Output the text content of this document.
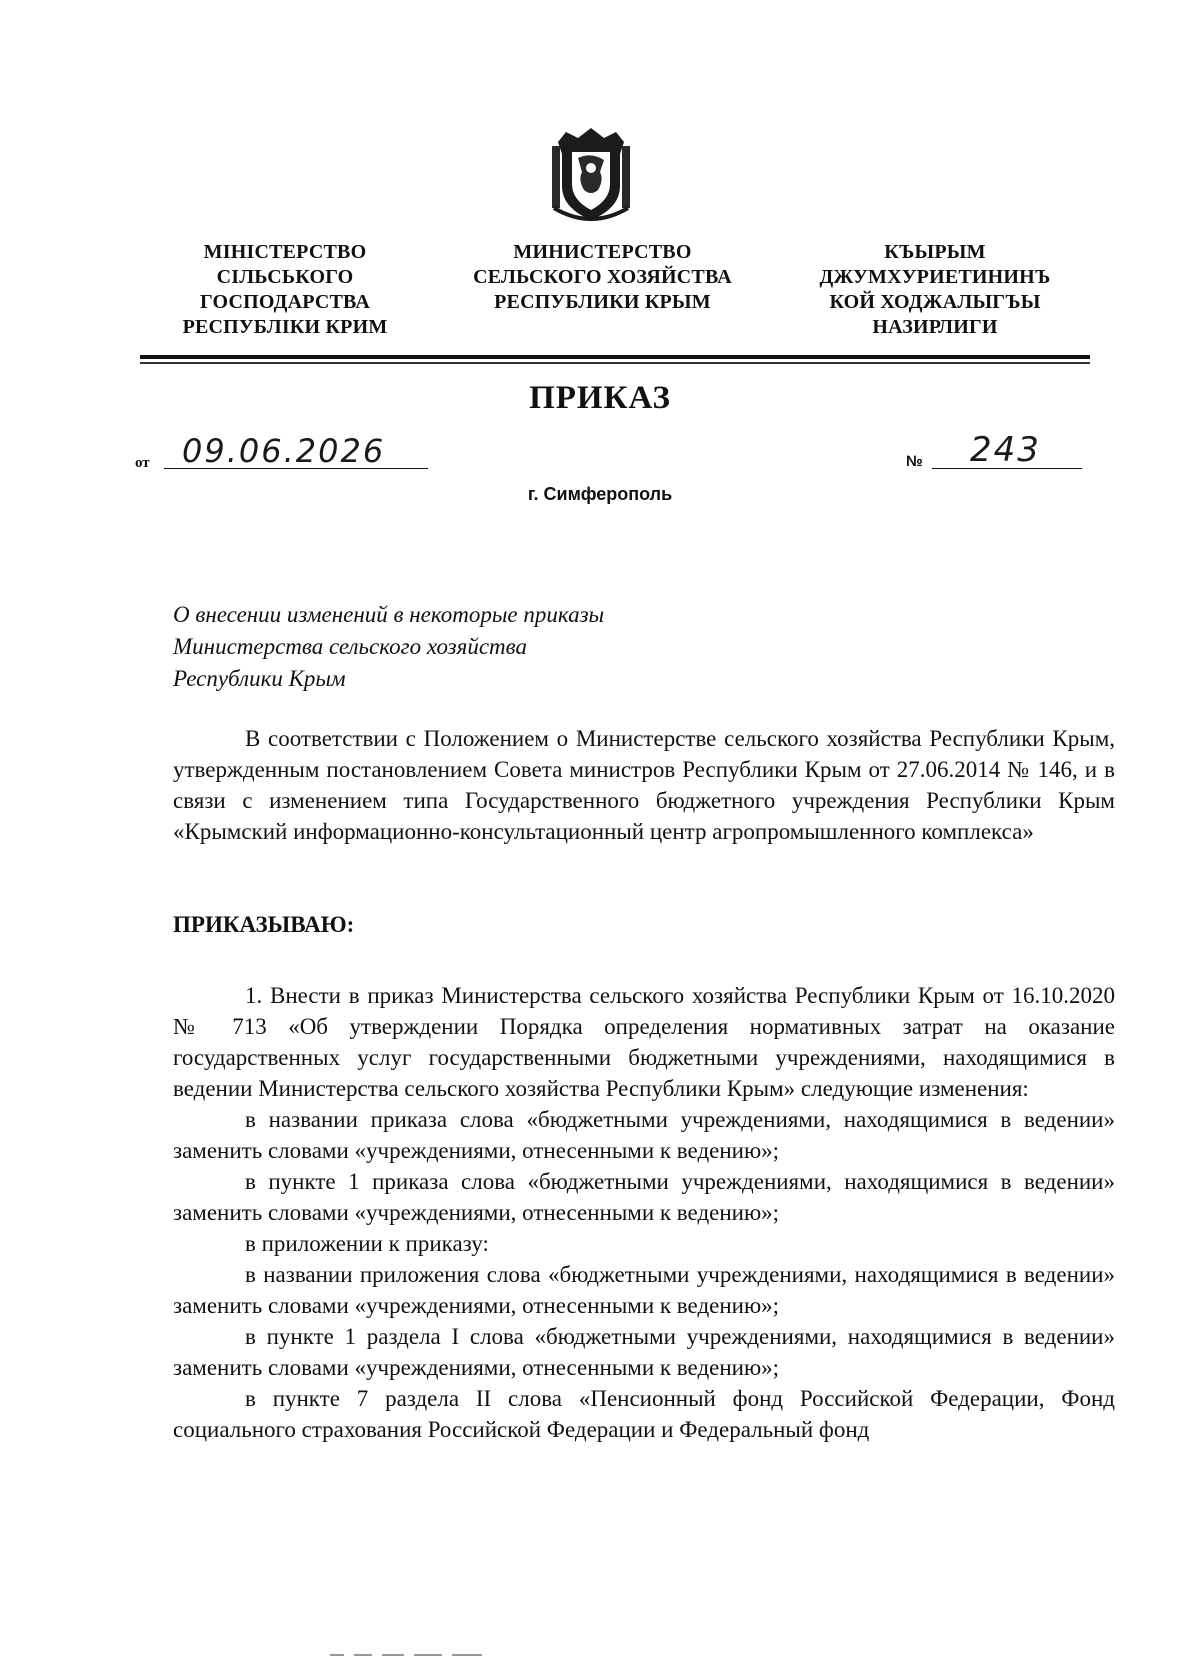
МІНІСТЕРСТВО
СІЛЬСЬКОГО
ГОСПОДАРСТВА
РЕСПУБЛІКИ КРИМ
МИНИСТЕРСТВО
СЕЛЬСКОГО ХОЗЯЙСТВА
РЕСПУБЛИКИ КРЫМ
КЪЫРЫМ
ДЖУМХУРИЕТИНИНЪ
КОЙ ХОДЖАЛЫГЪЫ
НАЗИРЛИГИ
ПРИКАЗ
от 09.06.2026	№ 243
г. Симферополь
О внесении изменений в некоторые приказы
Министерства сельского хозяйства
Республики Крым

В соответствии с Положением о Министерстве сельского хозяйства Республики Крым, утвержденным постановлением Совета министров Республики Крым от 27.06.2014 № 146, и в связи с изменением типа Государственного бюджетного учреждения Республики Крым «Крымский информационно-консультационный центр агропромышленного комплекса»

ПРИКАЗЫВАЮ:

1. Внести в приказ Министерства сельского хозяйства Республики Крым от 16.10.2020 № 713 «Об утверждении Порядка определения нормативных затрат на оказание государственных услуг государственными бюджетными учреждениями, находящимися в ведении Министерства сельского хозяйства Республики Крым» следующие изменения:

в названии приказа слова «бюджетными учреждениями, находящимися в ведении» заменить словами «учреждениями, отнесенными к ведению»;

в пункте 1 приказа слова «бюджетными учреждениями, находящимися в ведении» заменить словами «учреждениями, отнесенными к ведению»;

в приложении к приказу:

в названии приложения слова «бюджетными учреждениями, находящимися в ведении» заменить словами «учреждениями, отнесенными к ведению»;

в пункте 1 раздела I слова «бюджетными учреждениями, находящимися в ведении» заменить словами «учреждениями, отнесенными к ведению»;

в пункте 7 раздела II слова «Пенсионный фонд Российской Федерации, Фонд социального страхования Российской Федерации и Федеральный фонд
